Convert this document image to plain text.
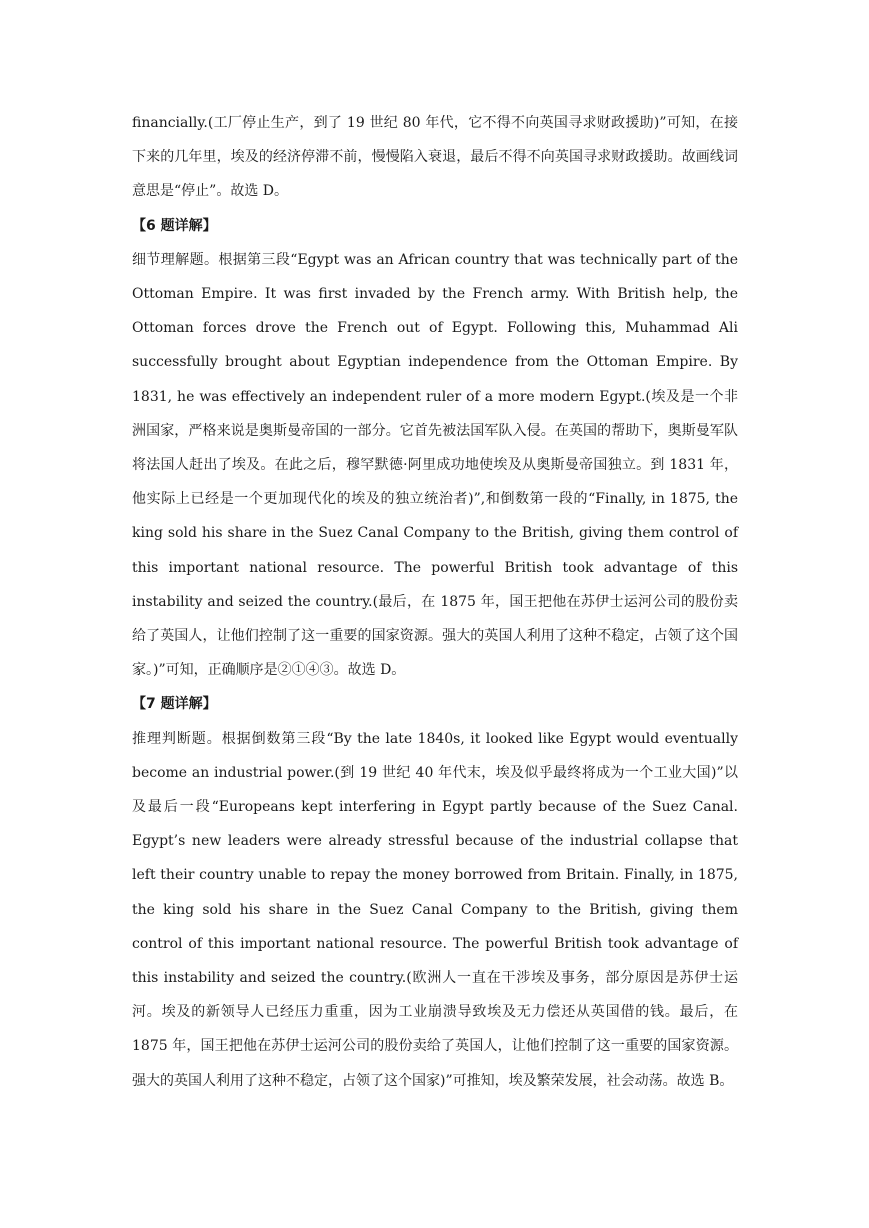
financially.(工厂停止生产，到了 19 世纪 80 年代，它不得不向英国寻求财政援助)”可知，在接下来的几年里，埃及的经济停滞不前，慢慢陷入衰退，最后不得不向英国寻求财政援助。故画线词意思是“停止”。故选 D。

【6 题详解】

细节理解题。根据第三段“Egypt was an African country that was technically part of the Ottoman Empire. It was first invaded by the French army. With British help, the Ottoman forces drove the French out of Egypt. Following this, Muhammad Ali successfully brought about Egyptian independence from the Ottoman Empire. By 1831, he was effectively an independent ruler of a more modern Egypt.(埃及是一个非洲国家，严格来说是奥斯曼帝国的一部分。它首先被法国军队入侵。在英国的帮助下，奥斯曼军队将法国人赶出了埃及。在此之后，穆罕默德·阿里成功地使埃及从奥斯曼帝国独立。到 1831 年，他实际上已经是一个更加现代化的埃及的独立统治者)”,和倒数第一段的“Finally, in 1875, the king sold his share in the Suez Canal Company to the British, giving them control of this important national resource. The powerful British took advantage of this instability and seized the country.(最后，在 1875 年，国王把他在苏伊士运河公司的股份卖给了英国人，让他们控制了这一重要的国家资源。强大的英国人利用了这种不稳定，占领了这个国家。)”可知，正确顺序是②①④③。故选 D。

【7 题详解】

推理判断题。根据倒数第三段“By the late 1840s, it looked like Egypt would eventually become an industrial power.(到 19 世纪 40 年代末，埃及似乎最终将成为一个工业大国)”以及最后一段“Europeans kept interfering in Egypt partly because of the Suez Canal. Egypt’s new leaders were already stressful because of the industrial collapse that left their country unable to repay the money borrowed from Britain. Finally, in 1875, the king sold his share in the Suez Canal Company to the British, giving them control of this important national resource. The powerful British took advantage of this instability and seized the country.(欧洲人一直在干涉埃及事务，部分原因是苏伊士运河。埃及的新领导人已经压力重重，因为工业崩溃导致埃及无力偿还从英国借的钱。最后，在 1875 年，国王把他在苏伊士运河公司的股份卖给了英国人，让他们控制了这一重要的国家资源。强大的英国人利用了这种不稳定，占领了这个国家)”可推知，埃及繁荣发展，社会动荡。故选 B。
